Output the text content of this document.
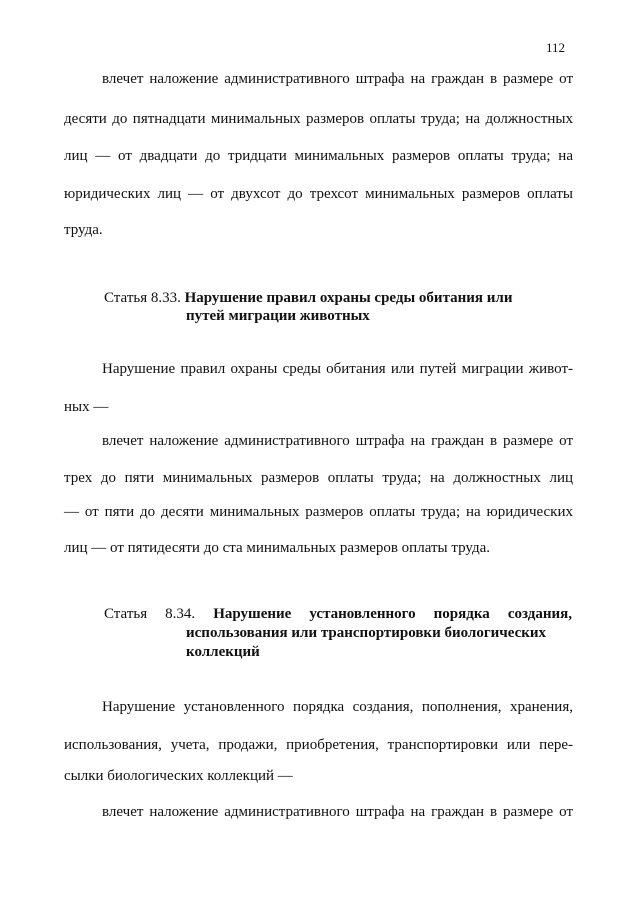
112
влечет наложение административного штрафа на граждан в размере от
десяти до пятнадцати минимальных размеров оплаты труда; на должностных
лиц — от двадцати до тридцати минимальных размеров оплаты труда; на
юридических лиц — от двухсот до трехсот минимальных размеров оплаты
труда.
Статья 8.33. Нарушение правил охраны среды обитания или
путей миграции животных
Нарушение правил охраны среды обитания или путей миграции живот-
ных —
влечет наложение административного штрафа на граждан в размере от
трех до пяти минимальных размеров оплаты труда; на должностных лиц
— от пяти до десяти минимальных размеров оплаты труда; на юридических
лиц — от пятидесяти до ста минимальных размеров оплаты труда.
Статья 8.34. Нарушение установленного порядка создания,
использования или транспортировки биологических
коллекций
Нарушение установленного порядка создания, пополнения, хранения,
использования, учета, продажи, приобретения, транспортировки или пере-
сылки биологических коллекций —
влечет наложение административного штрафа на граждан в размере от
